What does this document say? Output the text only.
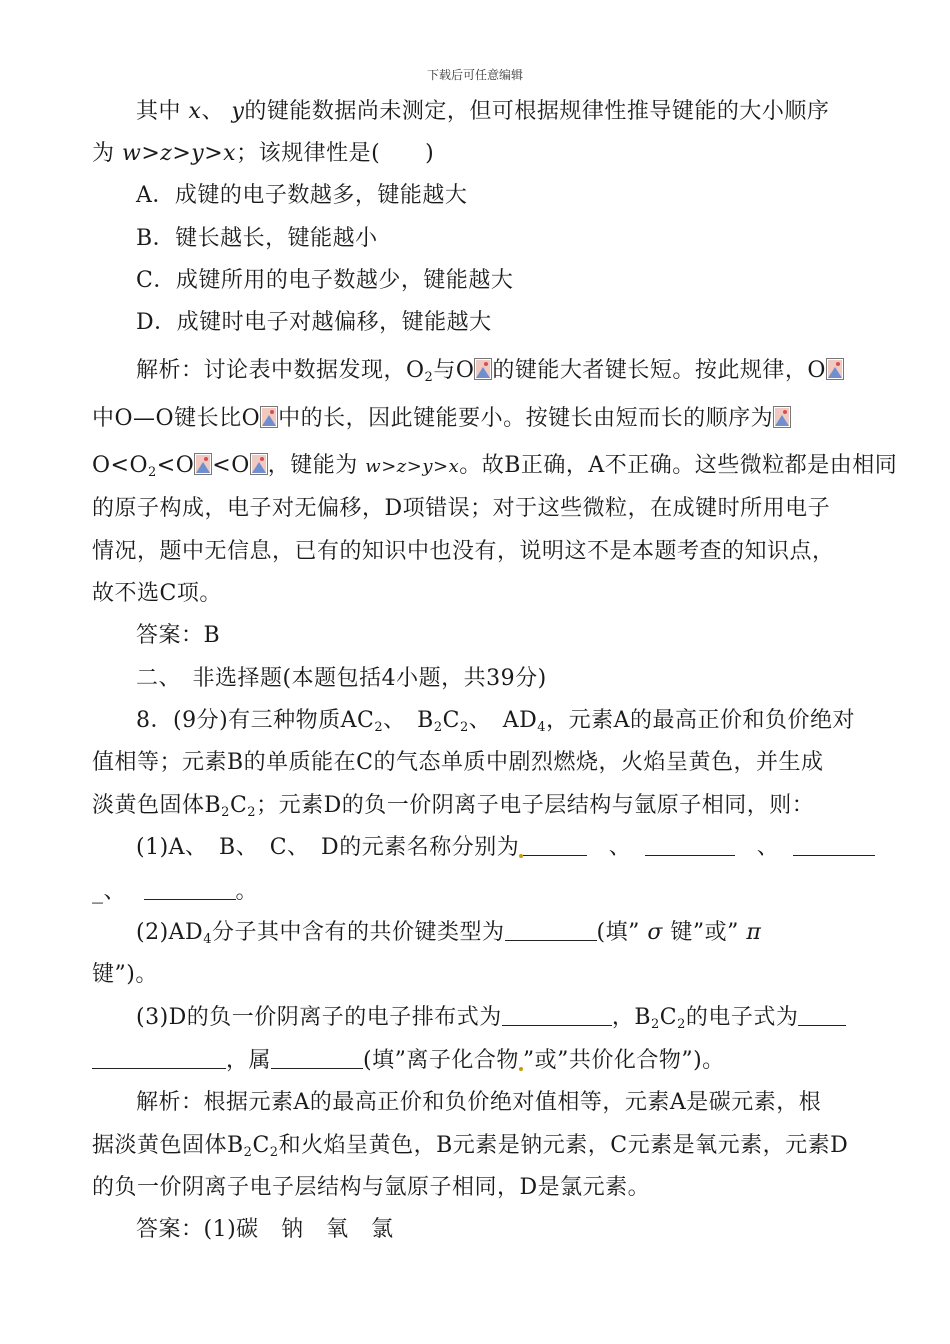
下载后可任意编辑
其中 x、 y的键能数据尚未测定，但可根据规律性推导键能的大小顺序
为 w>z>y>x；该规律性是(　　)
A．成键的电子数越多，键能越大
B．键长越长，键能越小
C．成键所用的电子数越少，键能越大
D．成键时电子对越偏移，键能越大
解析：讨论表中数据发现，$O_2$与O 的键能大者键长短。按此规律，O
中O—O键长比O 中的长，因此键能要小。按键长由短而长的顺序为
$O<O_2<O <O$ ，键能为 w>z>y>x。故B正确，A不正确。这些微粒都是由相同
的原子构成，电子对无偏移，D项错误；对于这些微粒，在成键时所用电子
情况，题中无信息，已有的知识中也没有，说明这不是本题考查的知识点，
故不选C项。
答案：B
二、　非选择题(本题包括4小题，共39分)
8．(9分)有三种物质$AC_2$、　$B_2C_2$、　$AD_4$，元素A的最高正价和负价绝对
值相等；元素B的单质能在C的气态单质中剧烈燃烧，火焰呈黄色，并生成
淡黄色固体$B_2C_2$；元素D的负一价阴离子电子层结构与氩原子相同，则：
(1)A、　B、　C、　D的元素名称分别为	、	、
_、	。
$(2)AD_4$分子其中含有的共价键类型为	(填” σ 键”或” π
键”)。
(3)D的负一价阴离子的电子排布式为	，$B_2C_2$的电子式为
，属	(填”离子化合物 ”或”共价化合物”)。
解析：根据元素A的最高正价和负价绝对值相等，元素A是碳元素，根
据淡黄色固体$B_2C_2$和火焰呈黄色，B元素是钠元素，C元素是氧元素，元素D
的负一价阴离子电子层结构与氩原子相同，D是氯元素。
答案：(1)碳　钠　氧　氯
